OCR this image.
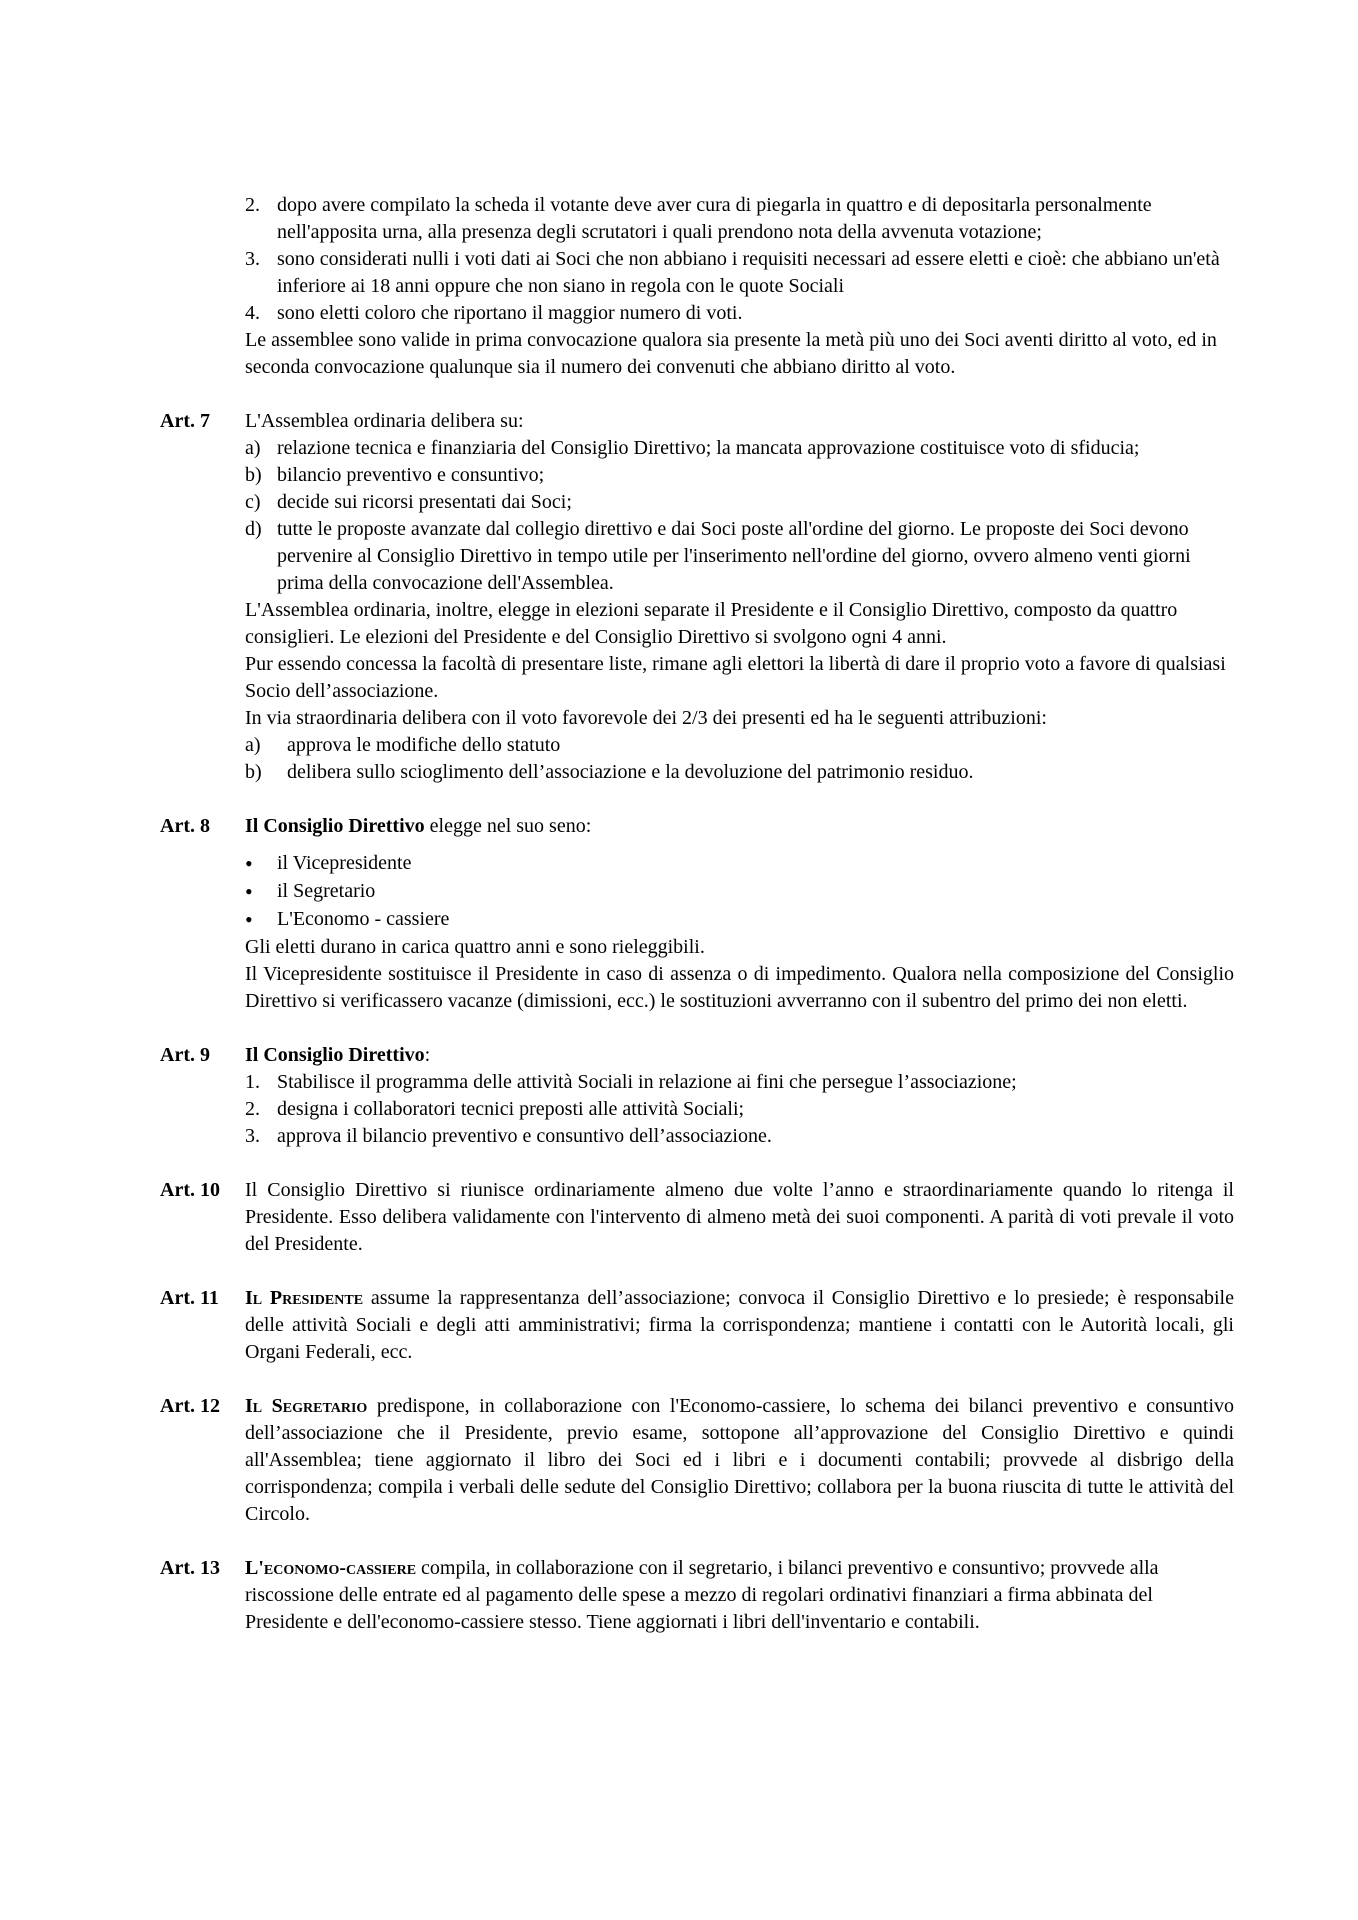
2. dopo avere compilato la scheda il votante deve aver cura di piegarla in quattro e di depositarla personalmente nell'apposita urna, alla presenza degli scrutatori i quali prendono nota della avvenuta votazione;
3. sono considerati nulli i voti dati ai Soci che non abbiano i requisiti necessari ad essere eletti e cioè: che abbiano un'età inferiore ai 18 anni oppure che non siano in regola con le quote Sociali
4. sono eletti coloro che riportano il maggior numero di voti.

Le assemblee sono valide in prima convocazione qualora sia presente la metà più uno dei Soci aventi diritto al voto, ed in seconda convocazione qualunque sia il numero dei convenuti che abbiano diritto al voto.

Art. 7	L'Assemblea ordinaria delibera su:

a) relazione tecnica e finanziaria del Consiglio Direttivo; la mancata approvazione costituisce voto di sfiducia;
b) bilancio preventivo e consuntivo;
c) decide sui ricorsi presentati dai Soci;
d) tutte le proposte avanzate dal collegio direttivo e dai Soci poste all'ordine del giorno. Le proposte dei Soci devono pervenire al Consiglio Direttivo in tempo utile per l'inserimento nell'ordine del giorno, ovvero almeno venti giorni prima della convocazione dell'Assemblea.

L'Assemblea ordinaria, inoltre, elegge in elezioni separate il Presidente e il Consiglio Direttivo, composto da quattro consiglieri. Le elezioni del Presidente e del Consiglio Direttivo si svolgono ogni 4 anni.

Pur essendo concessa la facoltà di presentare liste, rimane agli elettori la libertà di dare il proprio voto a favore di qualsiasi Socio dell’associazione.

In via straordinaria delibera con il voto favorevole dei 2/3 dei presenti ed ha le seguenti attribuzioni:

a)	approva le modifiche dello statuto
b)	delibera sullo scioglimento dell’associazione e la devoluzione del patrimonio residuo.
Art. 8	Il Consiglio Direttivo elegge nel suo seno:

•	il Vicepresidente
•	il Segretario
•	L'Economo - cassiere

Gli eletti durano in carica quattro anni e sono rieleggibili.

Il Vicepresidente sostituisce il Presidente in caso di assenza o di impedimento. Qualora nella composizione del Consiglio Direttivo si verificassero vacanze (dimissioni, ecc.) le sostituzioni avverranno con il subentro del primo dei non eletti.

Art. 9	Il Consiglio Direttivo:

1. Stabilisce il programma delle attività Sociali in relazione ai fini che persegue l’associazione;
2. designa i collaboratori tecnici preposti alle attività Sociali;
3. approva il bilancio preventivo e consuntivo dell’associazione.
Art. 10	Il Consiglio Direttivo si riunisce ordinariamente almeno due volte l’anno e straordinariamente quando lo ritenga il Presidente. Esso delibera validamente con l'intervento di almeno metà dei suoi componenti. A parità di voti prevale il voto del Presidente.

Art. 11	Il Presidente assume la rappresentanza dell’associazione; convoca il Consiglio Direttivo e lo presiede; è responsabile delle attività Sociali e degli atti amministrativi; firma la corrispondenza; mantiene i contatti con le Autorità locali, gli Organi Federali, ecc.

Art. 12	Il Segretario predispone, in collaborazione con l'Economo-cassiere, lo schema dei bilanci preventivo e consuntivo dell’associazione che il Presidente, previo esame, sottopone all’approvazione del Consiglio Direttivo e quindi all'Assemblea; tiene aggiornato il libro dei Soci ed i libri e i documenti contabili; provvede al disbrigo della corrispondenza; compila i verbali delle sedute del Consiglio Direttivo; collabora per la buona riuscita di tutte le attività del Circolo.

Art. 13	L'economo-cassiere compila, in collaborazione con il segretario, i bilanci preventivo e consuntivo; provvede alla riscossione delle entrate ed al pagamento delle spese a mezzo di regolari ordinativi finanziari a firma abbinata del Presidente e dell'economo-cassiere stesso. Tiene aggiornati i libri dell'inventario e contabili.
